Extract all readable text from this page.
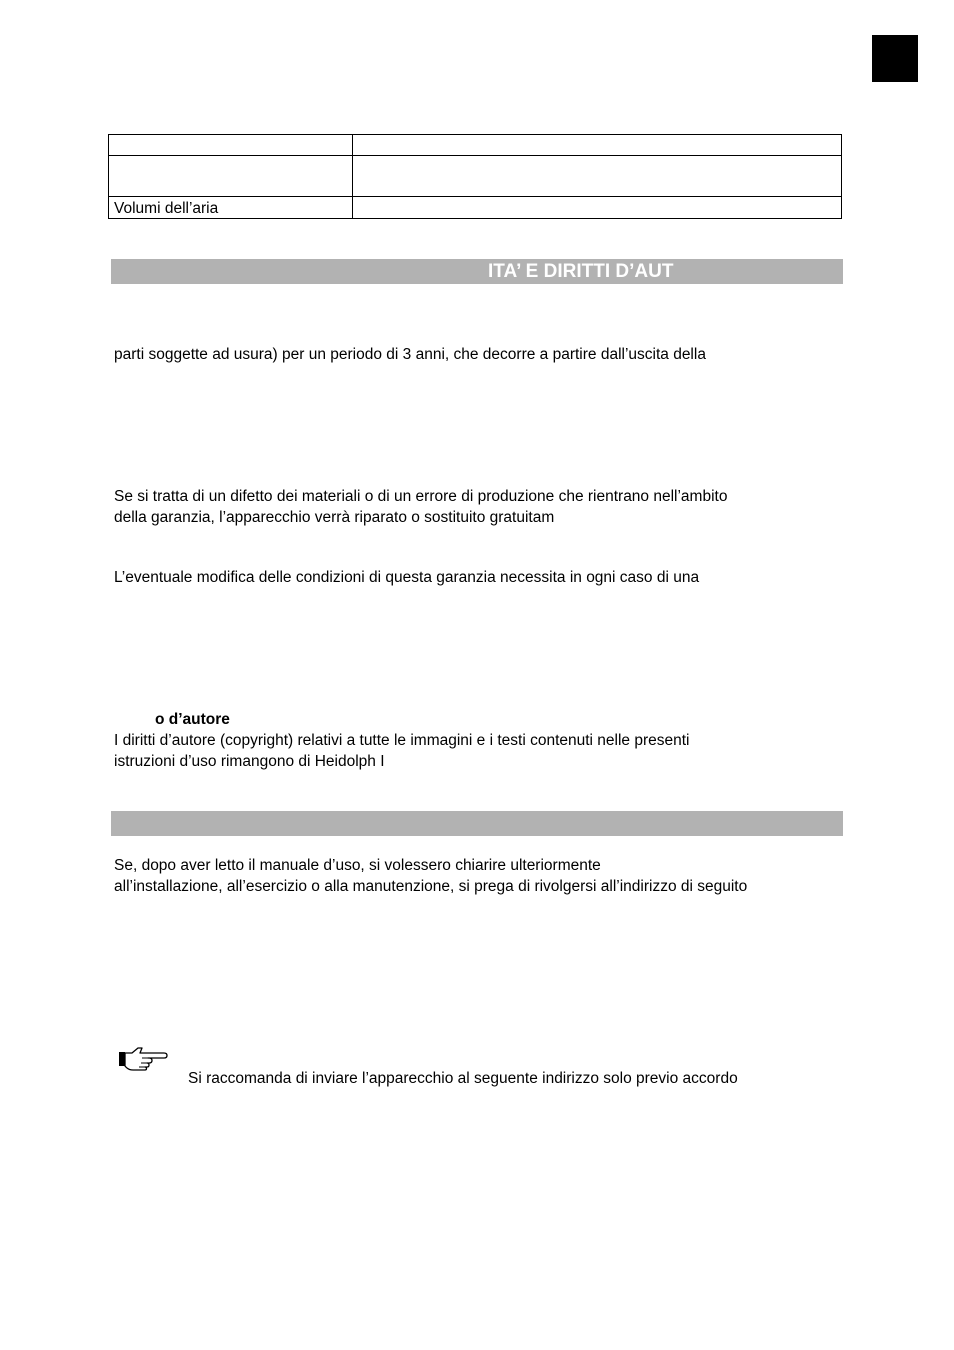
Volumi dell’aria	
ITA’ E DIRITTI D’AUT
parti soggette ad usura) per un periodo di 3 anni, che decorre a partire dall’uscita della
Se si tratta di un difetto dei materiali o di un errore di produzione che rientrano nell’ambito
della garanzia, l’apparecchio verrà riparato o sostituito gratuitam
L’eventuale modifica delle condizioni di questa garanzia necessita in ogni caso di una
o d’autore
I diritti d’autore (copyright) relativi a tutte le immagini e i testi contenuti nelle presenti
istruzioni d’uso rimangono di Heidolph I
Se, dopo aver letto il manuale d’uso, si volessero chiarire ulteriormente
all’installazione, all’esercizio o alla manutenzione, si prega di rivolgersi all’indirizzo di seguito
Si raccomanda di inviare l’apparecchio al seguente indirizzo solo previo accordo
